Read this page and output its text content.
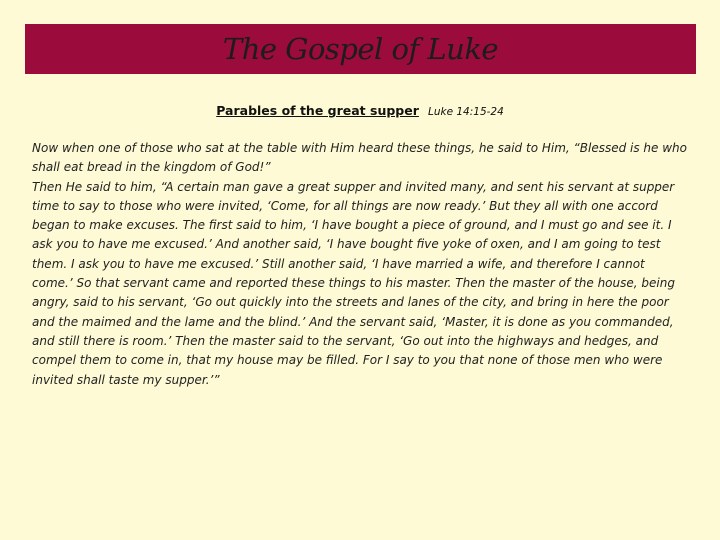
The Gospel of Luke
Parables of the great supper Luke 14:15-24

Now when one of those who sat at the table with Him heard these things, he said to Him, “Blessed is he who shall eat bread in the kingdom of God!”

Then He said to him, “A certain man gave a great supper and invited many, and sent his servant at supper time to say to those who were invited, ‘Come, for all things are now ready.’ But they all with one accord began to make excuses. The first said to him, ‘I have bought a piece of ground, and I must go and see it. I ask you to have me excused.’ And another said, ‘I have bought five yoke of oxen, and I am going to test them. I ask you to have me excused.’ Still another said, ‘I have married a wife, and therefore I cannot come.’ So that servant came and reported these things to his master. Then the master of the house, being angry, said to his servant, ‘Go out quickly into the streets and lanes of the city, and bring in here the poor and the maimed and the lame and the blind.’ And the servant said, ‘Master, it is done as you commanded, and still there is room.’ Then the master said to the servant, ‘Go out into the highways and hedges, and compel them to come in, that my house may be filled. For I say to you that none of those men who were invited shall taste my supper.’”
